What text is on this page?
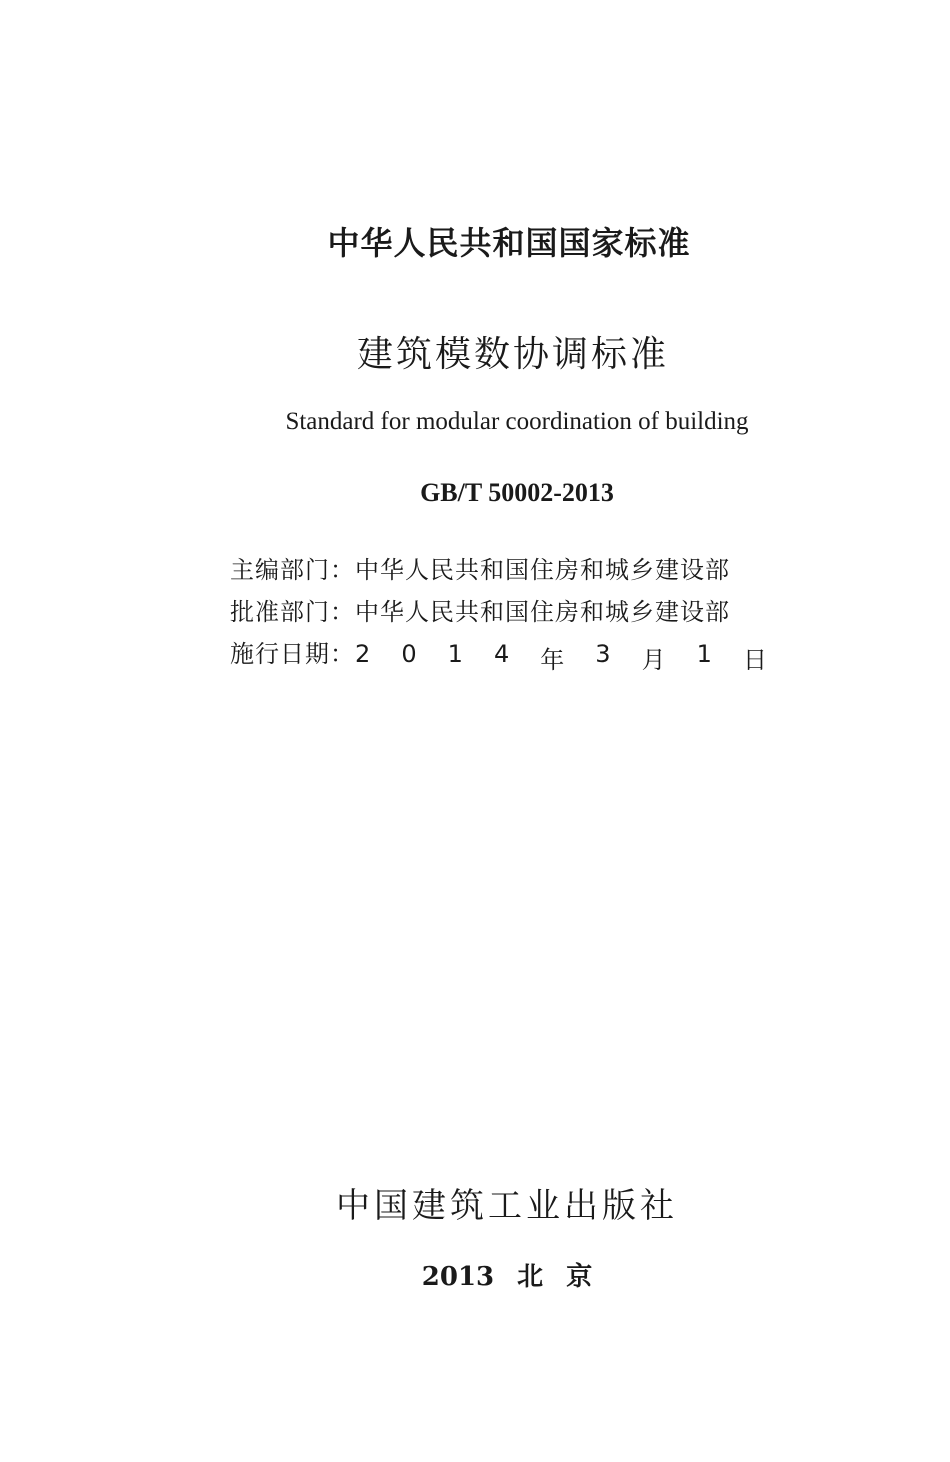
中华人民共和国国家标准
建筑模数协调标准
Standard for modular coordination of building
GB/T 50002-2013
主编部门： 中华人民共和国住房和城乡建设部
批准部门： 中华人民共和国住房和城乡建设部
施行日期： 2 0 1 4 年 3 月 1 日
中国建筑工业出版社
2013 北 京
